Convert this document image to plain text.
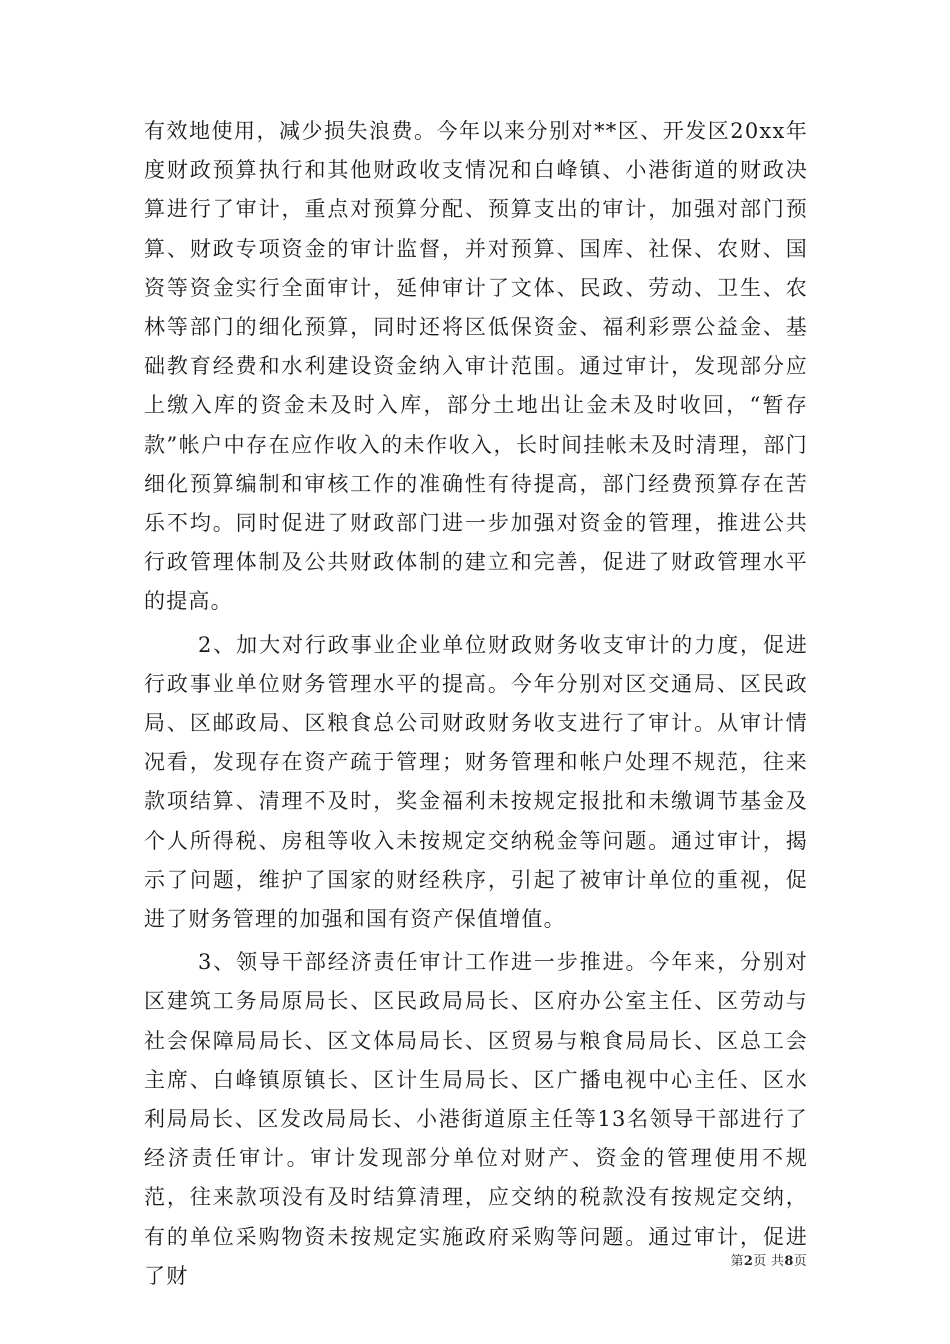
有效地使用，减少损失浪费。今年以来分别对**区、开发区20xx年度财政预算执行和其他财政收支情况和白峰镇、小港街道的财政决算进行了审计，重点对预算分配、预算支出的审计，加强对部门预算、财政专项资金的审计监督，并对预算、国库、社保、农财、国资等资金实行全面审计，延伸审计了文体、民政、劳动、卫生、农林等部门的细化预算，同时还将区低保资金、福利彩票公益金、基础教育经费和水利建设资金纳入审计范围。通过审计，发现部分应上缴入库的资金未及时入库，部分土地出让金未及时收回，“暂存款”帐户中存在应作收入的未作收入，长时间挂帐未及时清理，部门细化预算编制和审核工作的准确性有待提高，部门经费预算存在苦乐不均。同时促进了财政部门进一步加强对资金的管理，推进公共行政管理体制及公共财政体制的建立和完善，促进了财政管理水平的提高。

2、加大对行政事业企业单位财政财务收支审计的力度，促进行政事业单位财务管理水平的提高。今年分别对区交通局、区民政局、区邮政局、区粮食总公司财政财务收支进行了审计。从审计情况看，发现存在资产疏于管理；财务管理和帐户处理不规范，往来款项结算、清理不及时，奖金福利未按规定报批和未缴调节基金及个人所得税、房租等收入未按规定交纳税金等问题。通过审计，揭示了问题，维护了国家的财经秩序，引起了被审计单位的重视，促进了财务管理的加强和国有资产保值增值。

3、领导干部经济责任审计工作进一步推进。今年来，分别对区建筑工务局原局长、区民政局局长、区府办公室主任、区劳动与社会保障局局长、区文体局局长、区贸易与粮食局局长、区总工会主席、白峰镇原镇长、区计生局局长、区广播电视中心主任、区水利局局长、区发改局局长、小港街道原主任等13名领导干部进行了经济责任审计。审计发现部分单位对财产、资金的管理使用不规范，往来款项没有及时结算清理，应交纳的税款没有按规定交纳，有的单位采购物资未按规定实施政府采购等问题。通过审计，促进了财

第2页 共8页
